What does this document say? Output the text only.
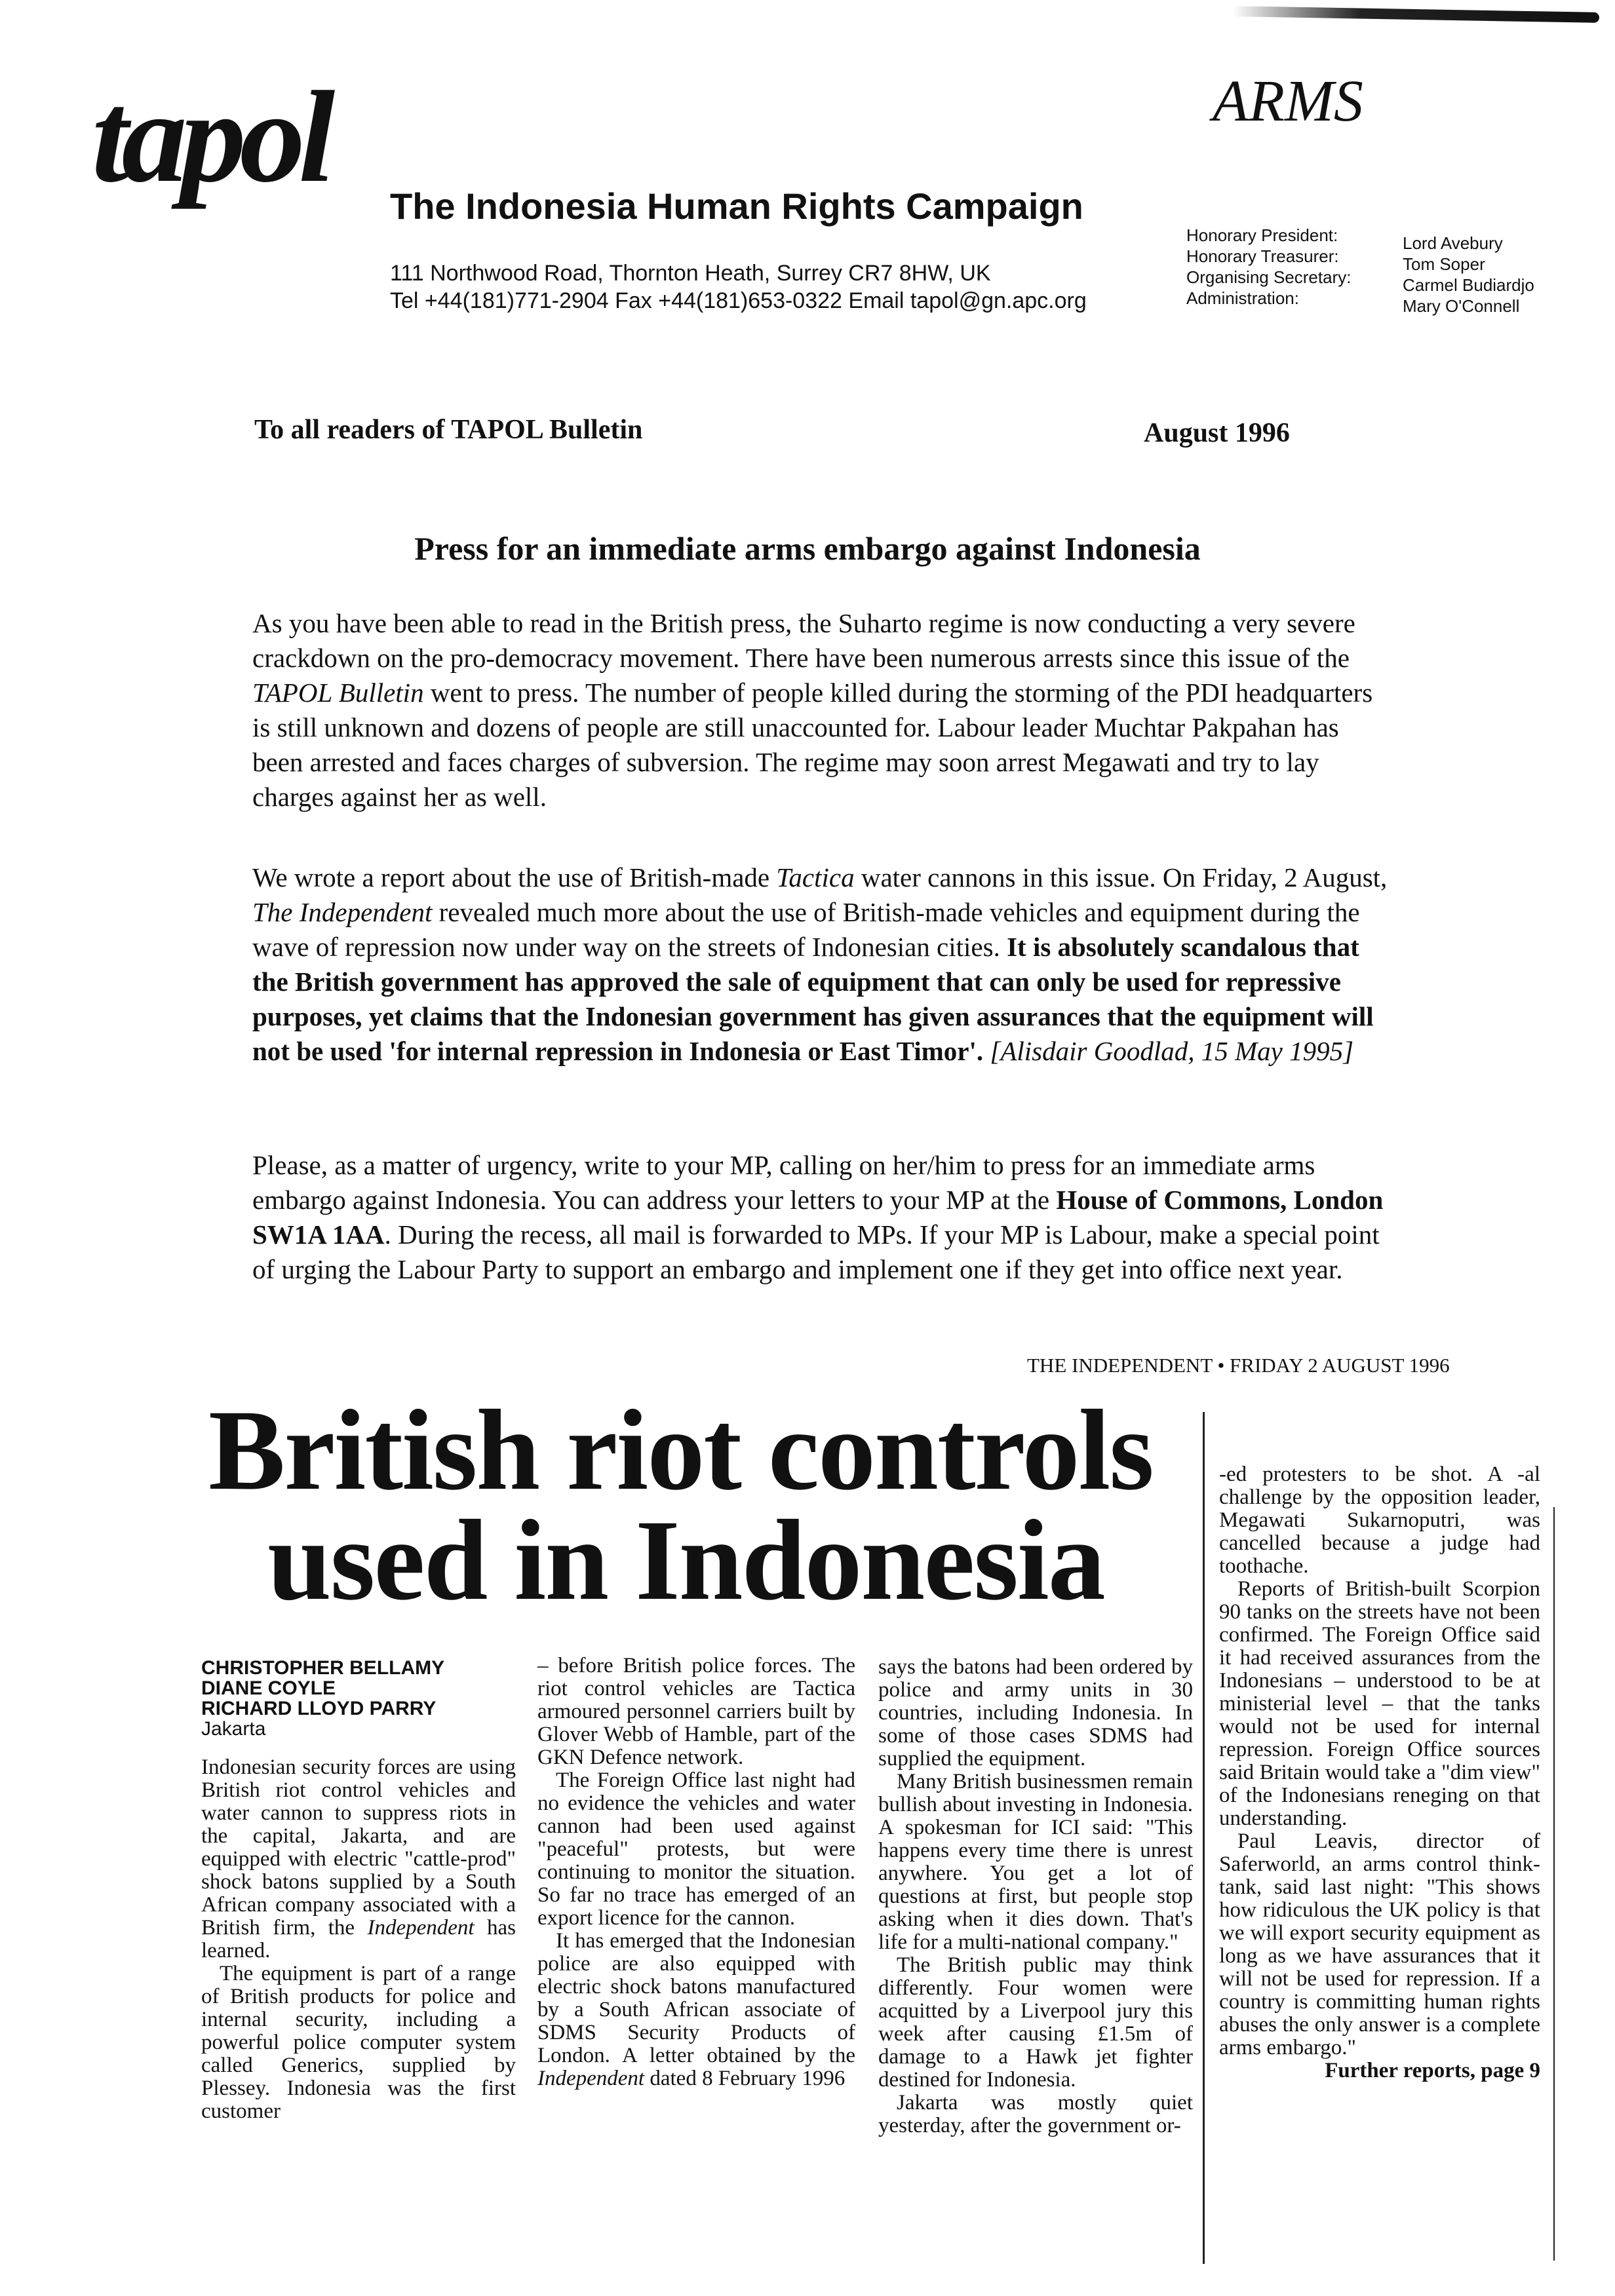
tapol	ARMS
The Indonesia Human Rights Campaign
111 Northwood Road, Thornton Heath, Surrey CR7 8HW, UK
Tel +44(181)771-2904 Fax +44(181)653-0322 Email tapol@gn.apc.org
Honorary President:
Honorary Treasurer:
Organising Secretary:
Administration:
Lord Avebury
Tom Soper
Carmel Budiardjo
Mary O'Connell
To all readers of TAPOL Bulletin	August 1996
Press for an immediate arms embargo against Indonesia

As you have been able to read in the British press, the Suharto regime is now conducting a very severe crackdown on the pro-democracy movement. There have been numerous arrests since this issue of the TAPOL Bulletin went to press. The number of people killed during the storming of the PDI headquarters is still unknown and dozens of people are still unaccounted for. Labour leader Muchtar Pakpahan has been arrested and faces charges of subversion. The regime may soon arrest Megawati and try to lay charges against her as well.

We wrote a report about the use of British-made Tactica water cannons in this issue. On Friday, 2 August, The Independent revealed much more about the use of British-made vehicles and equipment during the wave of repression now under way on the streets of Indonesian cities. It is absolutely scandalous that the British government has approved the sale of equipment that can only be used for repressive purposes, yet claims that the Indonesian government has given assurances that the equipment will not be used 'for internal repression in Indonesia or East Timor'. [Alisdair Goodlad, 15 May 1995]

Please, as a matter of urgency, write to your MP, calling on her/him to press for an immediate arms embargo against Indonesia. You can address your letters to your MP at the House of Commons, London SW1A 1AA. During the recess, all mail is forwarded to MPs. If your MP is Labour, make a special point of urging the Labour Party to support an embargo and implement one if they get into office next year.

THE INDEPENDENT • FRIDAY 2 AUGUST 1996
British riot controls
used in Indonesia
CHRISTOPHER BELLAMY
DIANE COYLE
RICHARD LLOYD PARRY
Jakarta

Indonesian security forces are using British riot control vehicles and water cannon to suppress riots in the capital, Jakarta, and are equipped with electric "cattle-prod" shock batons supplied by a South African company associated with a British firm, the Independent has learned.

The equipment is part of a range of British products for police and internal security, including a powerful police computer system called Generics, supplied by Plessey. Indonesia was the first customer

– before British police forces. The riot control vehicles are Tactica armoured personnel carriers built by Glover Webb of Hamble, part of the GKN Defence network.

The Foreign Office last night had no evidence the vehicles and water cannon had been used against "peaceful" protests, but were continuing to monitor the situation. So far no trace has emerged of an export licence for the cannon.

It has emerged that the Indonesian police are also equipped with electric shock batons manufactured by a South African associate of SDMS Security Products of London. A letter obtained by the Independent dated 8 February 1996

says the batons had been ordered by police and army units in 30 countries, including Indonesia. In some of those cases SDMS had supplied the equipment.

Many British businessmen remain bullish about investing in Indonesia. A spokesman for ICI said: "This happens every time there is unrest anywhere. You get a lot of questions at first, but people stop asking when it dies down. That's life for a multi-national company."

The British public may think differently. Four women were acquitted by a Liverpool jury this week after causing £1.5m of damage to a Hawk jet fighter destined for Indonesia.

Jakarta was mostly quiet yesterday, after the government or-

‑ed protesters to be shot. A ‑al challenge by the opposition leader, Megawati Sukarnoputri, was cancelled because a judge had toothache.

Reports of British-built Scorpion 90 tanks on the streets have not been confirmed. The Foreign Office said it had received assurances from the Indonesians – understood to be at ministerial level – that the tanks would not be used for internal repression. Foreign Office sources said Britain would take a "dim view" of the Indonesians reneging on that understanding.

Paul Leavis, director of Saferworld, an arms control think-tank, said last night: "This shows how ridiculous the UK policy is that we will export security equipment as long as we have assurances that it will not be used for repression. If a country is committing human rights abuses the only answer is a complete arms embargo."

Further reports, page 9
